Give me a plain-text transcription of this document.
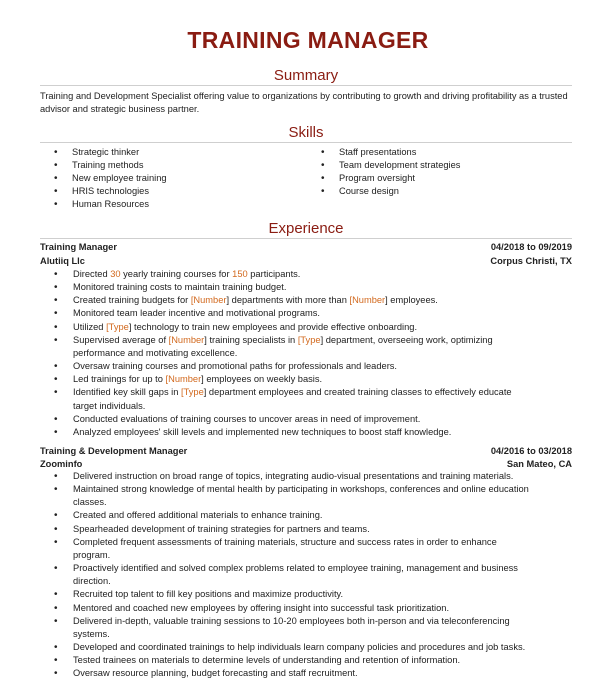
TRAINING MANAGER
Summary

Training and Development Specialist offering value to organizations by contributing to growth and driving profitability as a trusted advisor and strategic business partner.

Skills
• Strategic thinker
• Training methods
• New employee training
• HRIS technologies
• Human Resources
• Staff presentations
• Team development strategies
• Program oversight
• Course design
Experience
Training Manager	04/2018 to 09/2019
Alutiiq Llc	Corpus Christi, TX
• Directed 30 yearly training courses for 150 participants.
• Monitored training costs to maintain training budget.
• Created training budgets for [Number] departments with more than [Number] employees.
• Monitored team leader incentive and motivational programs.
• Utilized [Type] technology to train new employees and provide effective onboarding.
• Supervised average of [Number] training specialists in [Type] department, overseeing work, optimizing performance and motivating excellence.
• Oversaw training courses and promotional paths for professionals and leaders.
• Led trainings for up to [Number] employees on weekly basis.
• Identified key skill gaps in [Type] department employees and created training classes to effectively educate target individuals.
• Conducted evaluations of training courses to uncover areas in need of improvement.
• Analyzed employees' skill levels and implemented new techniques to boost staff knowledge.
Training & Development Manager	04/2016 to 03/2018
Zoominfo	San Mateo, CA
• Delivered instruction on broad range of topics, integrating audio-visual presentations and training materials.
• Maintained strong knowledge of mental health by participating in workshops, conferences and online education classes.
• Created and offered additional materials to enhance training.
• Spearheaded development of training strategies for partners and teams.
• Completed frequent assessments of training materials, structure and success rates in order to enhance program.
• Proactively identified and solved complex problems related to employee training, management and business direction.
• Recruited top talent to fill key positions and maximize productivity.
• Mentored and coached new employees by offering insight into successful task prioritization.
• Delivered in-depth, valuable training sessions to 10-20 employees both in-person and via teleconferencing systems.
• Developed and coordinated trainings to help individuals learn company policies and procedures and job tasks.
• Tested trainees on materials to determine levels of understanding and retention of information.
• Oversaw resource planning, budget forecasting and staff recruitment.
